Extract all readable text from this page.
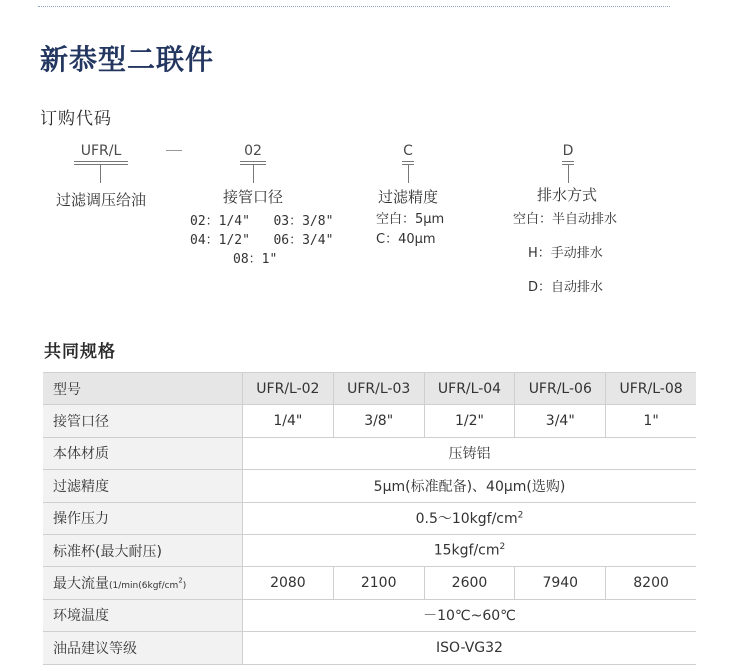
新恭型二联件
订购代码
UFR/L
过滤调压给油
02
接管口径
02：1/4"   03：3/8"
04：1/2"   06：3/4"
08：1"
C
过滤精度
空白：5μm
C：40μm
D
排水方式
空白：半自动排水
H：手动排水
D：自动排水
共同规格
型号	UFR/L-02	UFR/L-03	UFR/L-04	UFR/L-06	UFR/L-08
接管口径	1/4"	3/8"	1/2"	3/4"	1"
本体材质	压铸铝				
过滤精度	5μm(标准配备)、40μm(选购)				
操作压力	$0.5\sim 10kgf/cm^2$
标准杯(最大耐压)	$15kgf/cm^2$
最大流量($1/\min(6kgf/cm^2)$	2080	2100	2600	7940	8200
环境温度	－10℃~60℃				
油品建议等级	ISO-VG32				
